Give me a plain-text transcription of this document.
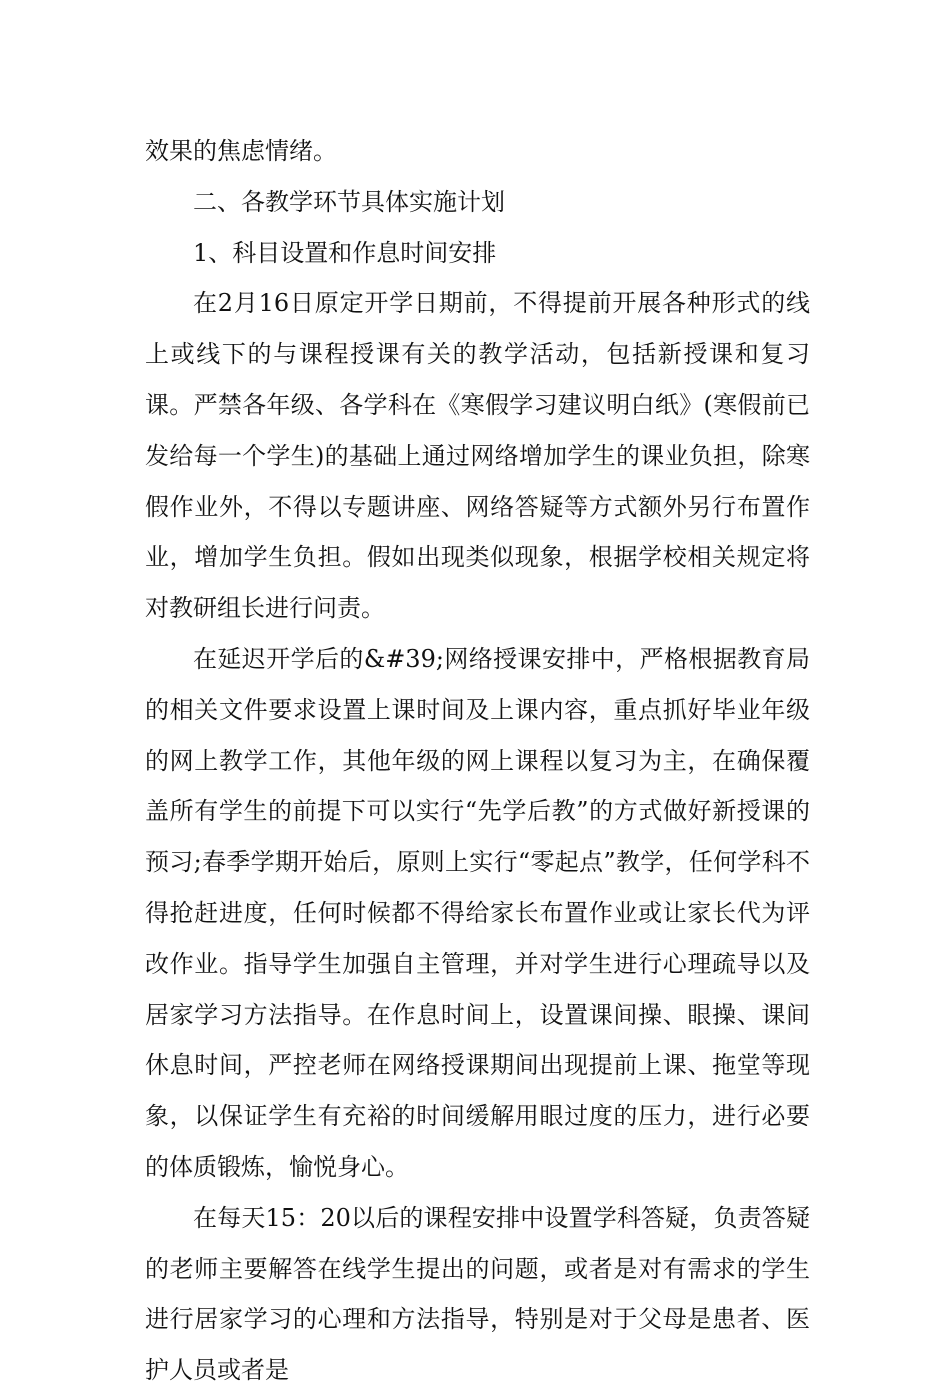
效果的焦虑情绪。

二、各教学环节具体实施计划

1、科目设置和作息时间安排

在2月16日原定开学日期前，不得提前开展各种形式的线上或线下的与课程授课有关的教学活动，包括新授课和复习课。严禁各年级、各学科在《寒假学习建议明白纸》(寒假前已发给每一个学生)的基础上通过网络增加学生的课业负担，除寒假作业外，不得以专题讲座、网络答疑等方式额外另行布置作业，增加学生负担。假如出现类似现象，根据学校相关规定将对教研组长进行问责。

在延迟开学后的&#39;网络授课安排中，严格根据教育局的相关文件要求设置上课时间及上课内容，重点抓好毕业年级的网上教学工作，其他年级的网上课程以复习为主，在确保覆盖所有学生的前提下可以实行“先学后教”的方式做好新授课的预习;春季学期开始后，原则上实行“零起点”教学，任何学科不得抢赶进度，任何时候都不得给家长布置作业或让家长代为评改作业。指导学生加强自主管理，并对学生进行心理疏导以及居家学习方法指导。在作息时间上，设置课间操、眼操、课间休息时间，严控老师在网络授课期间出现提前上课、拖堂等现象，以保证学生有充裕的时间缓解用眼过度的压力，进行必要的体质锻炼，愉悦身心。

在每天15：20以后的课程安排中设置学科答疑，负责答疑的老师主要解答在线学生提出的问题，或者是对有需求的学生进行居家学习的心理和方法指导，特别是对于父母是患者、医护人员或者是
